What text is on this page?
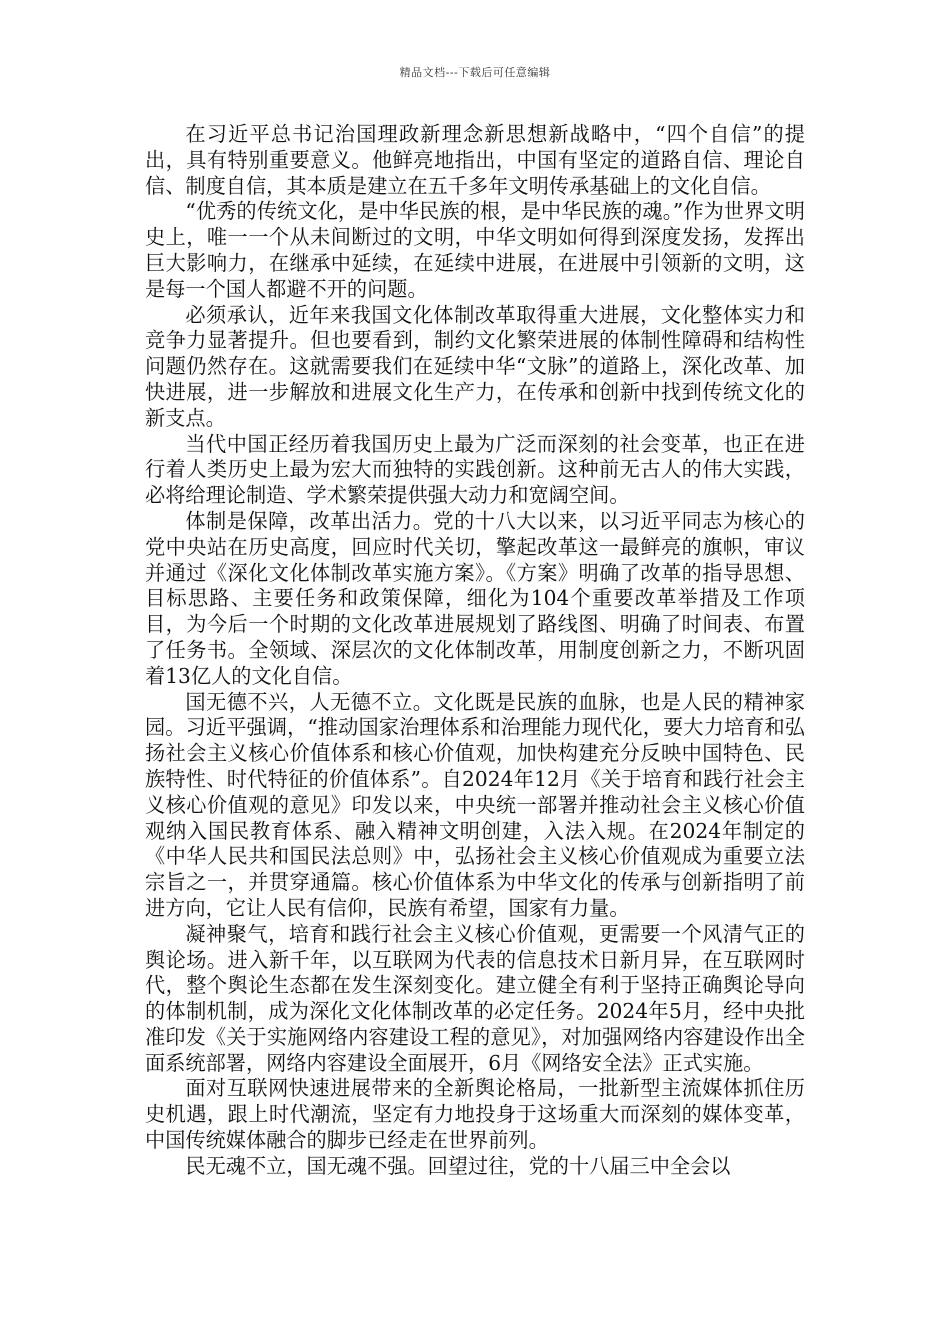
精品文档---下载后可任意编辑

在习近平总书记治国理政新理念新思想新战略中，“四个自信”的提出，具有特别重要意义。他鲜亮地指出，中国有坚定的道路自信、理论自信、制度自信，其本质是建立在五千多年文明传承基础上的文化自信。

“优秀的传统文化，是中华民族的根，是中华民族的魂。”作为世界文明史上，唯一一个从未间断过的文明，中华文明如何得到深度发扬，发挥出巨大影响力，在继承中延续，在延续中进展，在进展中引领新的文明，这是每一个国人都避不开的问题。

必须承认，近年来我国文化体制改革取得重大进展，文化整体实力和竞争力显著提升。但也要看到，制约文化繁荣进展的体制性障碍和结构性问题仍然存在。这就需要我们在延续中华“文脉”的道路上，深化改革、加快进展，进一步解放和进展文化生产力，在传承和创新中找到传统文化的新支点。

当代中国正经历着我国历史上最为广泛而深刻的社会变革，也正在进行着人类历史上最为宏大而独特的实践创新。这种前无古人的伟大实践，必将给理论制造、学术繁荣提供强大动力和宽阔空间。

体制是保障，改革出活力。党的十八大以来，以习近平同志为核心的党中央站在历史高度，回应时代关切，擎起改革这一最鲜亮的旗帜，审议并通过《深化文化体制改革实施方案》。《方案》明确了改革的指导思想、目标思路、主要任务和政策保障，细化为104个重要改革举措及工作项目，为今后一个时期的文化改革进展规划了路线图、明确了时间表、布置了任务书。全领域、深层次的文化体制改革，用制度创新之力，不断巩固着13亿人的文化自信。

国无德不兴，人无德不立。文化既是民族的血脉，也是人民的精神家园。习近平强调，“推动国家治理体系和治理能力现代化，要大力培育和弘扬社会主义核心价值体系和核心价值观，加快构建充分反映中国特色、民族特性、时代特征的价值体系”。自2024年12月《关于培育和践行社会主义核心价值观的意见》印发以来，中央统一部署并推动社会主义核心价值观纳入国民教育体系、融入精神文明创建，入法入规。在2024年制定的《中华人民共和国民法总则》中，弘扬社会主义核心价值观成为重要立法宗旨之一，并贯穿通篇。核心价值体系为中华文化的传承与创新指明了前进方向，它让人民有信仰，民族有希望，国家有力量。

凝神聚气，培育和践行社会主义核心价值观，更需要一个风清气正的舆论场。进入新千年，以互联网为代表的信息技术日新月异，在互联网时代，整个舆论生态都在发生深刻变化。建立健全有利于坚持正确舆论导向的体制机制，成为深化文化体制改革的必定任务。2024年5月，经中央批准印发《关于实施网络内容建设工程的意见》，对加强网络内容建设作出全面系统部署，网络内容建设全面展开，6月《网络安全法》正式实施。

面对互联网快速进展带来的全新舆论格局，一批新型主流媒体抓住历史机遇，跟上时代潮流，坚定有力地投身于这场重大而深刻的媒体变革，中国传统媒体融合的脚步已经走在世界前列。

民无魂不立，国无魂不强。回望过往，党的十八届三中全会以
